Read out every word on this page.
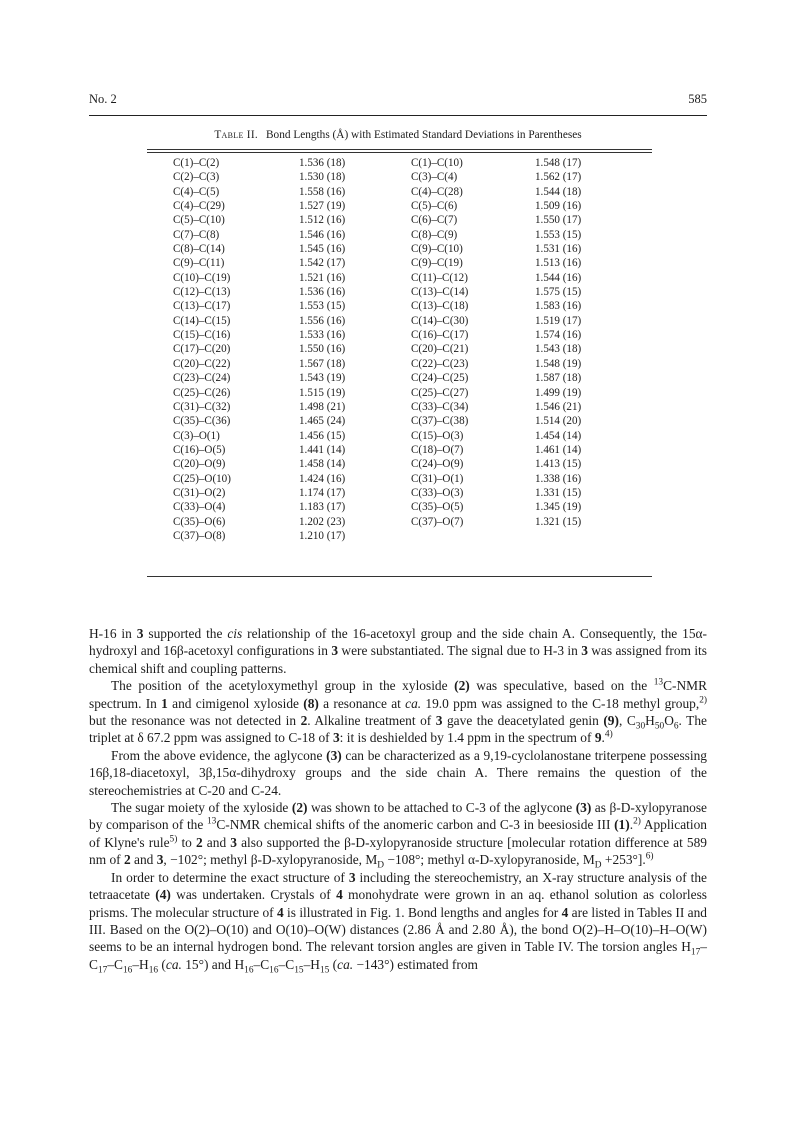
No. 2	585
Table II. Bond Lengths (Å) with Estimated Standard Deviations in Parentheses
C(1)–C(2)	1.536 (18)	C(1)–C(10)	1.548 (17)
C(2)–C(3)	1.530 (18)	C(3)–C(4)	1.562 (17)
C(4)–C(5)	1.558 (16)	C(4)–C(28)	1.544 (18)
C(4)–C(29)	1.527 (19)	C(5)–C(6)	1.509 (16)
C(5)–C(10)	1.512 (16)	C(6)–C(7)	1.550 (17)
C(7)–C(8)	1.546 (16)	C(8)–C(9)	1.553 (15)
C(8)–C(14)	1.545 (16)	C(9)–C(10)	1.531 (16)
C(9)–C(11)	1.542 (17)	C(9)–C(19)	1.513 (16)
C(10)–C(19)	1.521 (16)	C(11)–C(12)	1.544 (16)
C(12)–C(13)	1.536 (16)	C(13)–C(14)	1.575 (15)
C(13)–C(17)	1.553 (15)	C(13)–C(18)	1.583 (16)
C(14)–C(15)	1.556 (16)	C(14)–C(30)	1.519 (17)
C(15)–C(16)	1.533 (16)	C(16)–C(17)	1.574 (16)
C(17)–C(20)	1.550 (16)	C(20)–C(21)	1.543 (18)
C(20)–C(22)	1.567 (18)	C(22)–C(23)	1.548 (19)
C(23)–C(24)	1.543 (19)	C(24)–C(25)	1.587 (18)
C(25)–C(26)	1.515 (19)	C(25)–C(27)	1.499 (19)
C(31)–C(32)	1.498 (21)	C(33)–C(34)	1.546 (21)
C(35)–C(36)	1.465 (24)	C(37)–C(38)	1.514 (20)
C(3)–O(1)	1.456 (15)	C(15)–O(3)	1.454 (14)
C(16)–O(5)	1.441 (14)	C(18)–O(7)	1.461 (14)
C(20)–O(9)	1.458 (14)	C(24)–O(9)	1.413 (15)
C(25)–O(10)	1.424 (16)	C(31)–O(1)	1.338 (16)
C(31)–O(2)	1.174 (17)	C(33)–O(3)	1.331 (15)
C(33)–O(4)	1.183 (17)	C(35)–O(5)	1.345 (19)
C(35)–O(6)	1.202 (23)	C(37)–O(7)	1.321 (15)
C(37)–O(8)	1.210 (17)		

H-16 in 3 supported the cis relationship of the 16-acetoxyl group and the side chain A. Consequently, the 15α-hydroxyl and 16β-acetoxyl configurations in 3 were substantiated. The signal due to H-3 in 3 was assigned from its chemical shift and coupling patterns.

The position of the acetyloxymethyl group in the xyloside (2) was speculative, based on the $^{13}$C-NMR spectrum. In 1 and cimigenol xyloside (8) a resonance at ca. 19.0 ppm was assigned to the C-18 methyl group,$^{2)}$ but the resonance was not detected in 2. Alkaline treatment of 3 gave the deacetylated genin (9), $C_{30}H_{50}O_6$. The triplet at δ 67.2 ppm was assigned to C-18 of 3: it is deshielded by 1.4 ppm in the spectrum of 9.$^{4)}$

From the above evidence, the aglycone (3) can be characterized as a 9,19-cyclolanostane triterpene possessing 16β,18-diacetoxyl, 3β,15α-dihydroxy groups and the side chain A. There remains the question of the stereochemistries at C-20 and C-24.

The sugar moiety of the xyloside (2) was shown to be attached to C-3 of the aglycone (3) as β-D-xylopyranose by comparison of the $^{13}$C-NMR chemical shifts of the anomeric carbon and C-3 in beesioside III (1).$^{2)}$ Application of Klyne's rule$^{5)}$ to 2 and 3 also supported the β-D-xylopyranoside structure [molecular rotation difference at 589 nm of 2 and 3, −102°; methyl β-D-xylopyranoside, $M_D -108^\circ$; methyl α-D-xylopyranoside, $M_D +253^\circ].^{6)}$

In order to determine the exact structure of 3 including the stereochemistry, an X-ray structure analysis of the tetraacetate (4) was undertaken. Crystals of 4 monohydrate were grown in an aq. ethanol solution as colorless prisms. The molecular structure of 4 is illustrated in Fig. 1. Bond lengths and angles for 4 are listed in Tables II and III. Based on the O(2)–O(10) and O(10)–O(W) distances (2.86 Å and 2.80 Å), the bond O(2)–H–O(10)–H–O(W) seems to be an internal hydrogen bond. The relevant torsion angles are given in Table IV. The torsion angles $H_{17}-C_{17}-C_{16}-H_{16}$ (ca. 15°) and $H_{16}-C_{16}-C_{15}-H_{15}$ (ca. −143°) estimated from
